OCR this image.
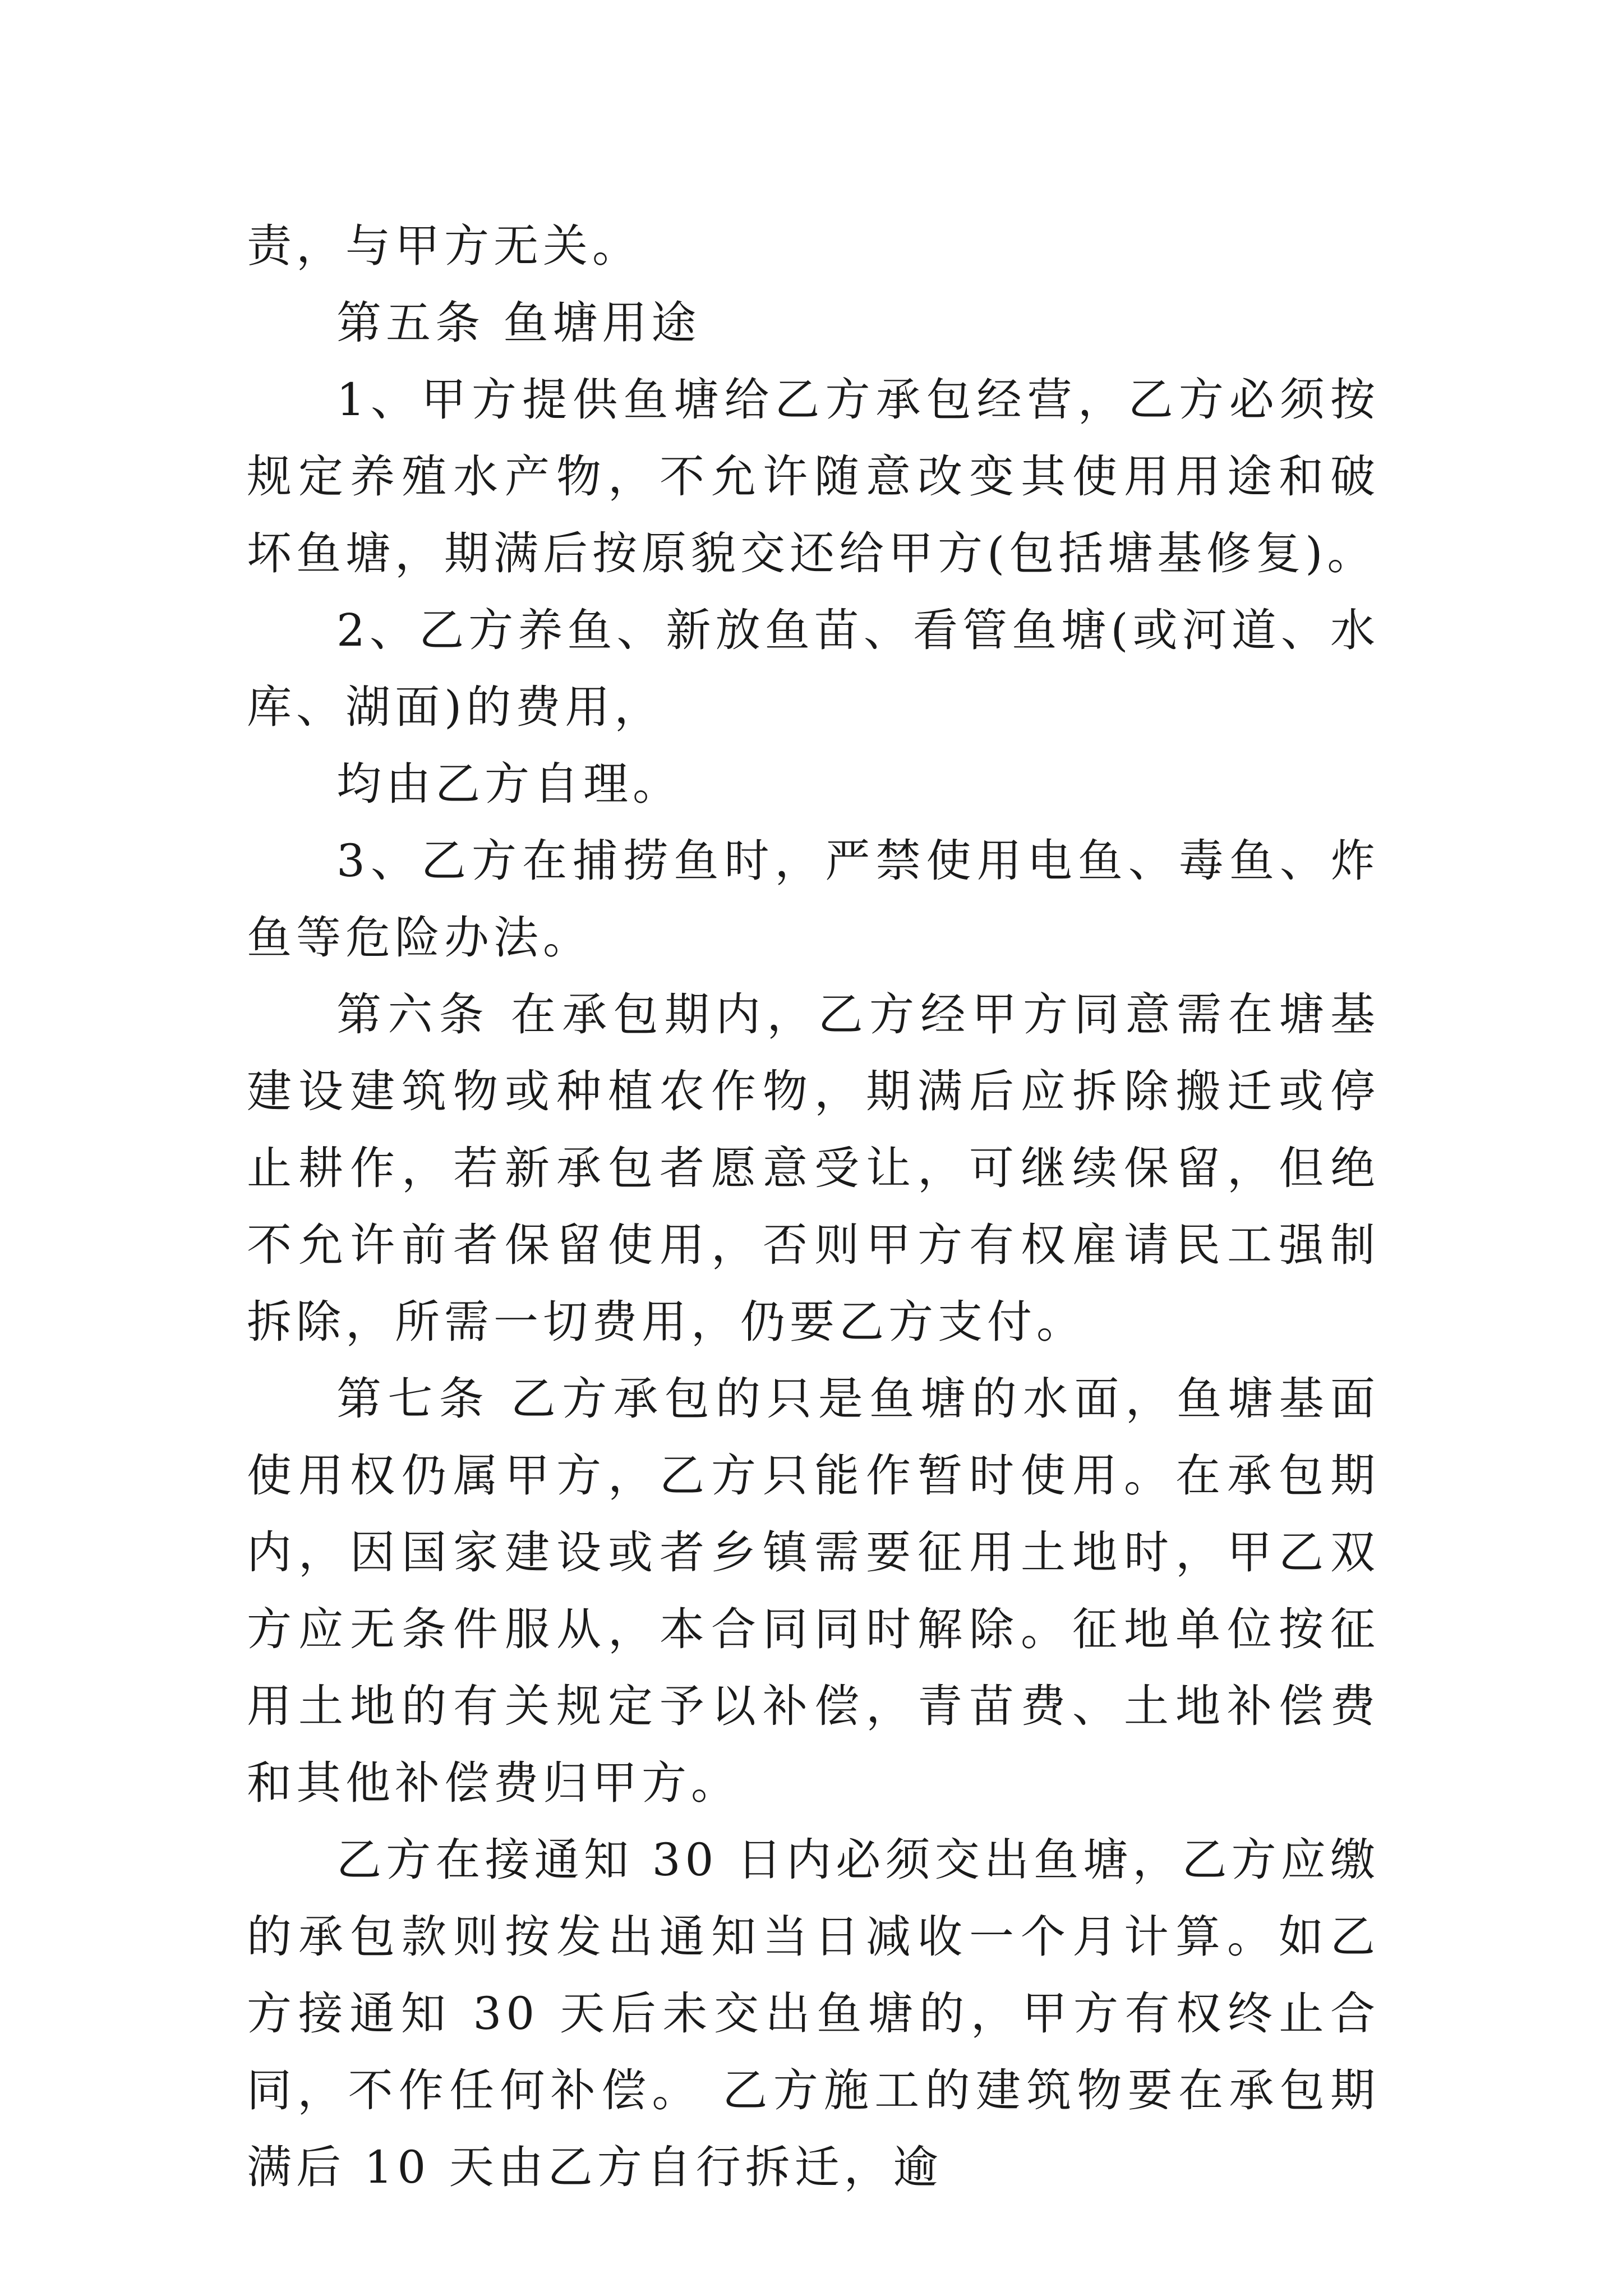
责，与甲方无关。

第五条 鱼塘用途

1、甲方提供鱼塘给乙方承包经营，乙方必须按规定养殖水产物，不允许随意改变其使用用途和破坏鱼塘，期满后按原貌交还给甲方(包括塘基修复)。

2、乙方养鱼、新放鱼苗、看管鱼塘(或河道、水库、湖面)的费用，

均由乙方自理。

3、乙方在捕捞鱼时，严禁使用电鱼、毒鱼、炸鱼等危险办法。

第六条 在承包期内，乙方经甲方同意需在塘基建设建筑物或种植农作物，期满后应拆除搬迁或停止耕作，若新承包者愿意受让，可继续保留，但绝不允许前者保留使用，否则甲方有权雇请民工强制拆除，所需一切费用，仍要乙方支付。

第七条 乙方承包的只是鱼塘的水面，鱼塘基面使用权仍属甲方，乙方只能作暂时使用。在承包期内，因国家建设或者乡镇需要征用土地时，甲乙双方应无条件服从，本合同同时解除。征地单位按征用土地的有关规定予以补偿，青苗费、土地补偿费和其他补偿费归甲方。

乙方在接通知 30 日内必须交出鱼塘，乙方应缴的承包款则按发出通知当日减收一个月计算。如乙方接通知 30 天后未交出鱼塘的，甲方有权终止合同，不作任何补偿。 乙方施工的建筑物要在承包期满后 10 天由乙方自行拆迁，逾
